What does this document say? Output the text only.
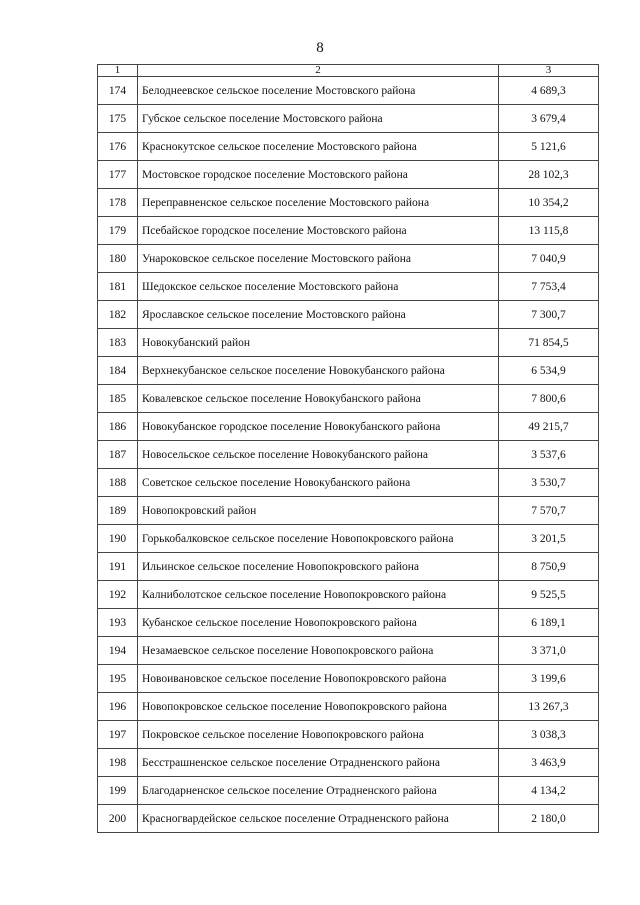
8
1	2	3
174	Белоднеевское сельское поселение Мостовского района	4 689,3
175	Губское сельское поселение Мостовского района	3 679,4
176	Краснокутское сельское поселение Мостовского района	5 121,6
177	Мостовское городское поселение Мостовского района	28 102,3
178	Переправненское сельское поселение Мостовского района	10 354,2
179	Псебайское городское поселение Мостовского района	13 115,8
180	Унароковское сельское поселение Мостовского района	7 040,9
181	Шедокское сельское поселение Мостовского района	7 753,4
182	Ярославское сельское поселение Мостовского района	7 300,7
183	Новокубанский район	71 854,5
184	Верхнекубанское сельское поселение Новокубанского района	6 534,9
185	Ковалевское сельское поселение Новокубанского района	7 800,6
186	Новокубанское городское поселение Новокубанского района	49 215,7
187	Новосельское сельское поселение Новокубанского района	3 537,6
188	Советское сельское поселение Новокубанского района	3 530,7
189	Новопокровский район	7 570,7
190	Горькобалковское сельское поселение Новопокровского района	3 201,5
191	Ильинское сельское поселение Новопокровского района	8 750,9
192	Калниболотское сельское поселение Новопокровского района	9 525,5
193	Кубанское сельское поселение Новопокровского района	6 189,1
194	Незамаевское сельское поселение Новопокровского района	3 371,0
195	Новоивановское сельское поселение Новопокровского района	3 199,6
196	Новопокровское сельское поселение Новопокровского района	13 267,3
197	Покровское сельское поселение Новопокровского района	3 038,3
198	Бесстрашненское сельское поселение Отрадненского района	3 463,9
199	Благодарненское сельское поселение Отрадненского района	4 134,2
200	Красногвардейское сельское поселение Отрадненского района	2 180,0
